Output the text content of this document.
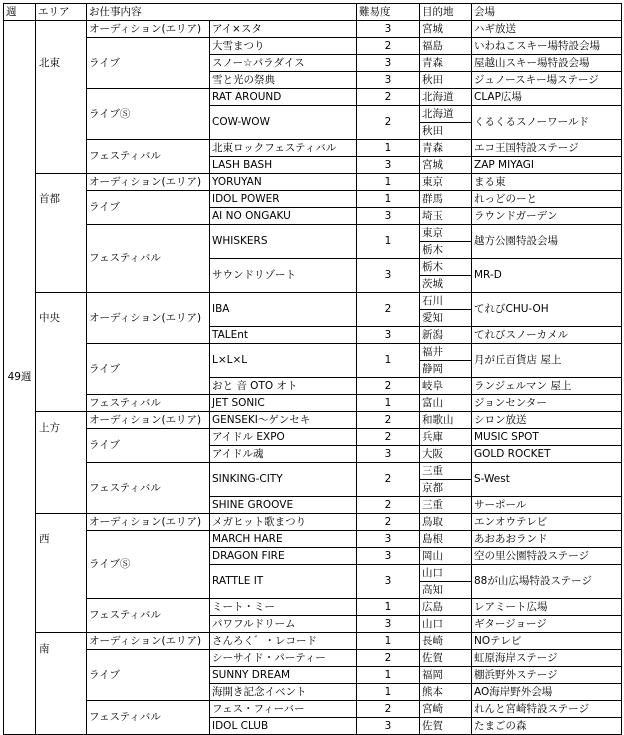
週	エリア	お仕事内容		難易度	目的地	会場
49週	北東	オーディション(エリア)	アイ×スタ	3	宮城	ハギ放送
		ライブ	大雪まつり	2	福島	いわねこスキー場特設会場
			スノー☆パラダイス	3	青森	屋越山スキー場特設会場
			雪と光の祭典	3	秋田	ジュノースキー場ステージ
		ライブⓈ	RAT AROUND	2	北海道	CLAP広場
			COW-WOW	2	北海道	くるくるスノーワールド
					秋田	
		フェスティバル	北東ロックフェスティバル	1	青森	エコ王国特設ステージ
			LASH BASH	3	宮城	ZAP MIYAGI
	首都	オーディション(エリア)	YORUYAN	1	東京	まる東
		ライブ	IDOL POWER	1	群馬	れっどのーと
			AI NO ONGAKU	3	埼玉	ラウンドガーデン
		フェスティバル	WHISKERS	1	東京	越方公園特設会場
					栃木	
			サウンドリゾート	3	栃木	MR-D
					茨城	
	中央	オーディション(エリア)	IBA	2	石川	てれびCHU-OH
					愛知	
			TALEnt	3	新潟	てれびスノーカメル
		ライブ	L×L×L	1	福井	月が丘百貨店 屋上
					静岡	
			おと 音 OTO オト	2	岐阜	ランジェルマン 屋上
		フェスティバル	JET SONIC	1	富山	ジョンセンター
	上方	オーディション(エリア)	GENSEKI～ゲンセキ	2	和歌山	シロン放送
		ライブ	アイドル EXPO	2	兵庫	MUSIC SPOT
			アイドル魂	3	大阪	GOLD ROCKET
		フェスティバル	SINKING-CITY	2	三重	S-West
					京都	
			SHINE GROOVE	2	三重	サーポール
	西	オーディション(エリア)	メガヒット歌まつり	2	鳥取	エンオウテレビ
		ライブⓈ	MARCH HARE	3	島根	あおあおランド
			DRAGON FIRE	3	岡山	空の里公園特設ステージ
			RATTLE IT	3	山口	88が山広場特設ステージ
					高知	
		フェスティバル	ミート・ミー	1	広島	レアミート広場
			パワフルドリーム	3	山口	ギタージョージ
	南	オーディション(エリア)	さんろく゛・レコード	1	長崎	NOテレビ
		ライブ	シーサイド・パーティー	2	佐賀	虹原海岸ステージ
			SUNNY DREAM	1	福岡	棚浜野外ステージ
			海開き記念イベント	1	熊本	AO海岸野外会場
		フェスティバル	フェス・フィーバー	2	宮崎	れんと宮崎特設ステージ
			IDOL CLUB	3	佐賀	たまごの森
